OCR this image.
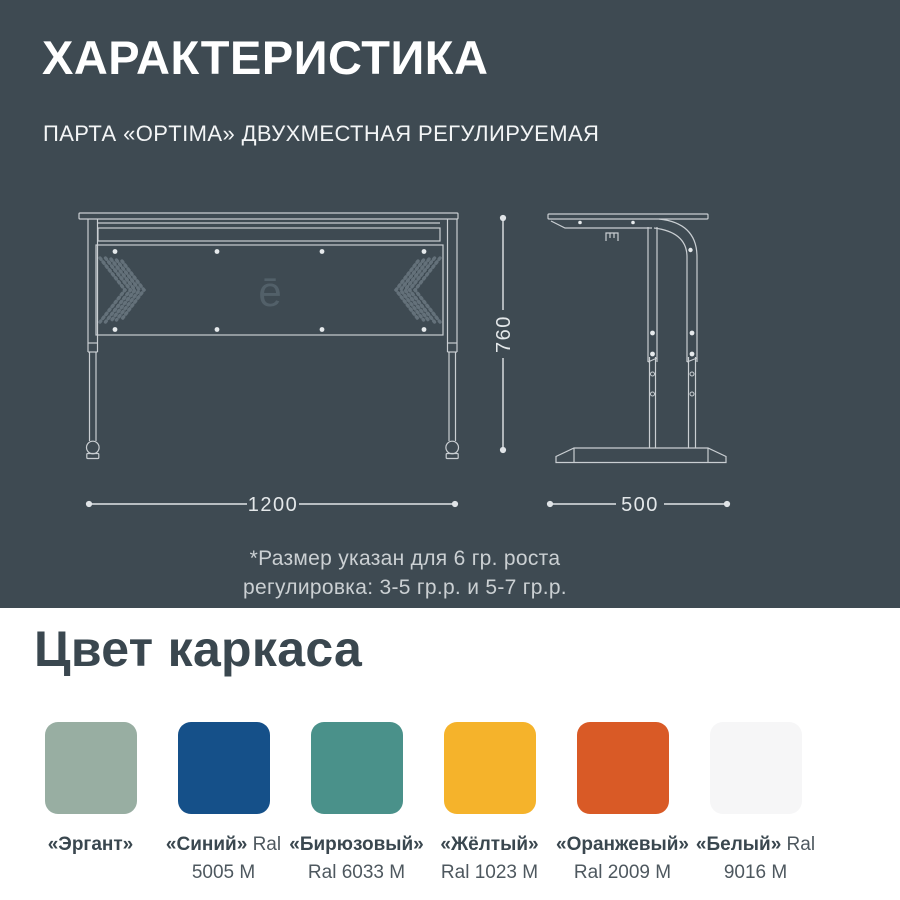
ХАРАКТЕРИСТИКА
ПАРТА «OPTIMA» ДВУХМЕСТНАЯ РЕГУЛИРУЕМАЯ
ē
1200
760
500
*Размер указан для 6 гр. роста
регулировка: 3-5 гр.р. и 5-7 гр.р.
Цвет каркаса
«Эргант»	«Синий» Ral 5005 M
«Бирюзовый» Ral 6033 M
«Жёлтый» Ral 1023 M
«Оранжевый» Ral 2009 M
«Белый» Ral 9016 M
